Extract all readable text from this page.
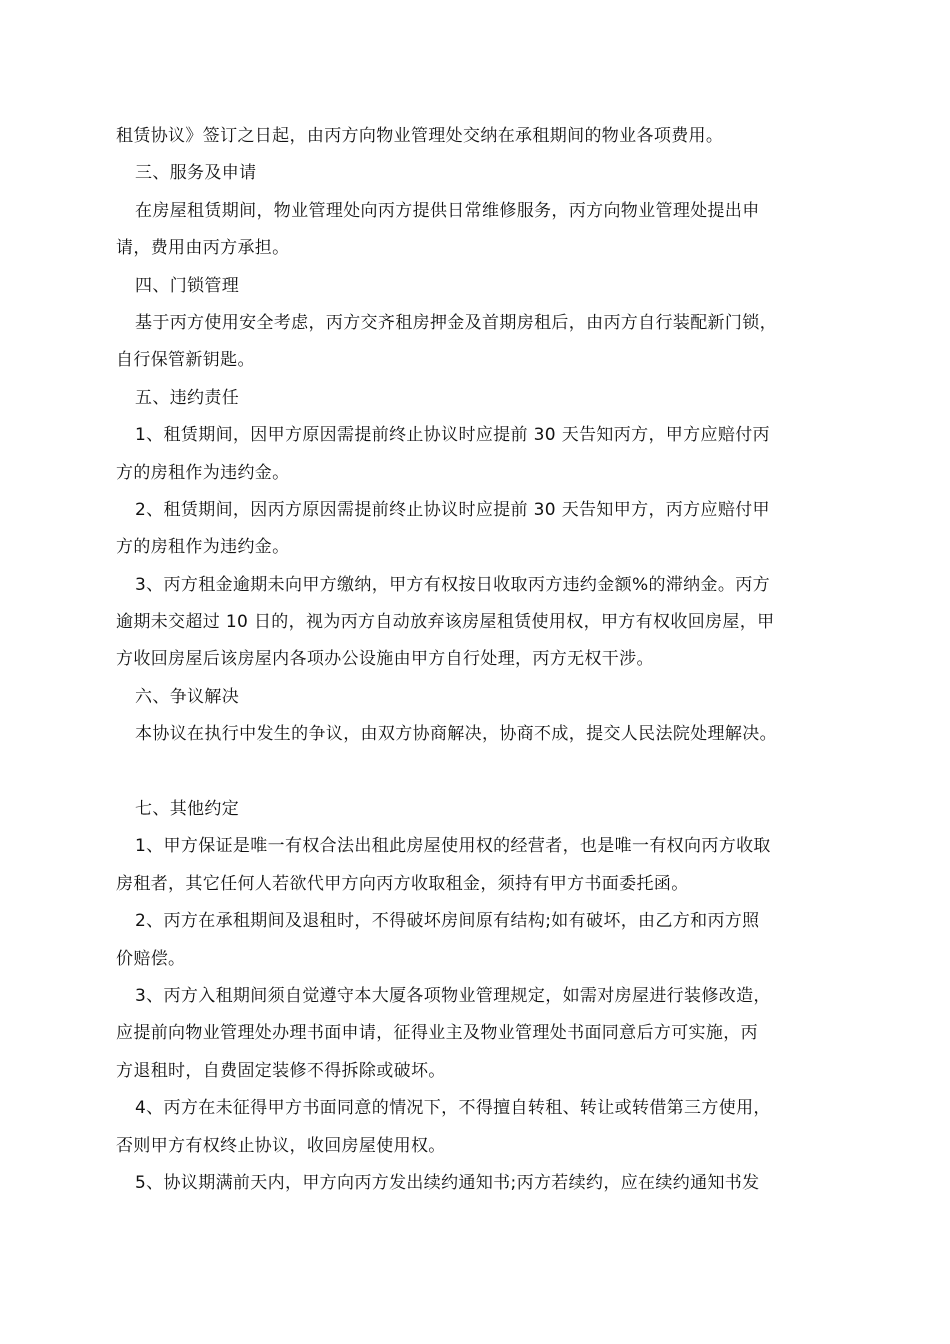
租赁协议》签订之日起，由丙方向物业管理处交纳在承租期间的物业各项费用。
三、服务及申请
在房屋租赁期间，物业管理处向丙方提供日常维修服务，丙方向物业管理处提出申
请，费用由丙方承担。
四、门锁管理
基于丙方使用安全考虑，丙方交齐租房押金及首期房租后，由丙方自行装配新门锁，
自行保管新钥匙。
五、违约责任
1、租赁期间，因甲方原因需提前终止协议时应提前 30 天告知丙方，甲方应赔付丙
方的房租作为违约金。
2、租赁期间，因丙方原因需提前终止协议时应提前 30 天告知甲方，丙方应赔付甲
方的房租作为违约金。
3、丙方租金逾期未向甲方缴纳，甲方有权按日收取丙方违约金额%的滞纳金。丙方
逾期未交超过 10 日的，视为丙方自动放弃该房屋租赁使用权，甲方有权收回房屋，甲
方收回房屋后该房屋内各项办公设施由甲方自行处理，丙方无权干涉。
六、争议解决
本协议在执行中发生的争议，由双方协商解决，协商不成，提交人民法院处理解决。
七、其他约定
1、甲方保证是唯一有权合法出租此房屋使用权的经营者，也是唯一有权向丙方收取
房租者，其它任何人若欲代甲方向丙方收取租金，须持有甲方书面委托函。
2、丙方在承租期间及退租时，不得破坏房间原有结构;如有破坏，由乙方和丙方照
价赔偿。
3、丙方入租期间须自觉遵守本大厦各项物业管理规定，如需对房屋进行装修改造，
应提前向物业管理处办理书面申请，征得业主及物业管理处书面同意后方可实施，丙
方退租时，自费固定装修不得拆除或破坏。
4、丙方在未征得甲方书面同意的情况下，不得擅自转租、转让或转借第三方使用，
否则甲方有权终止协议，收回房屋使用权。
5、协议期满前天内，甲方向丙方发出续约通知书;丙方若续约，应在续约通知书发
